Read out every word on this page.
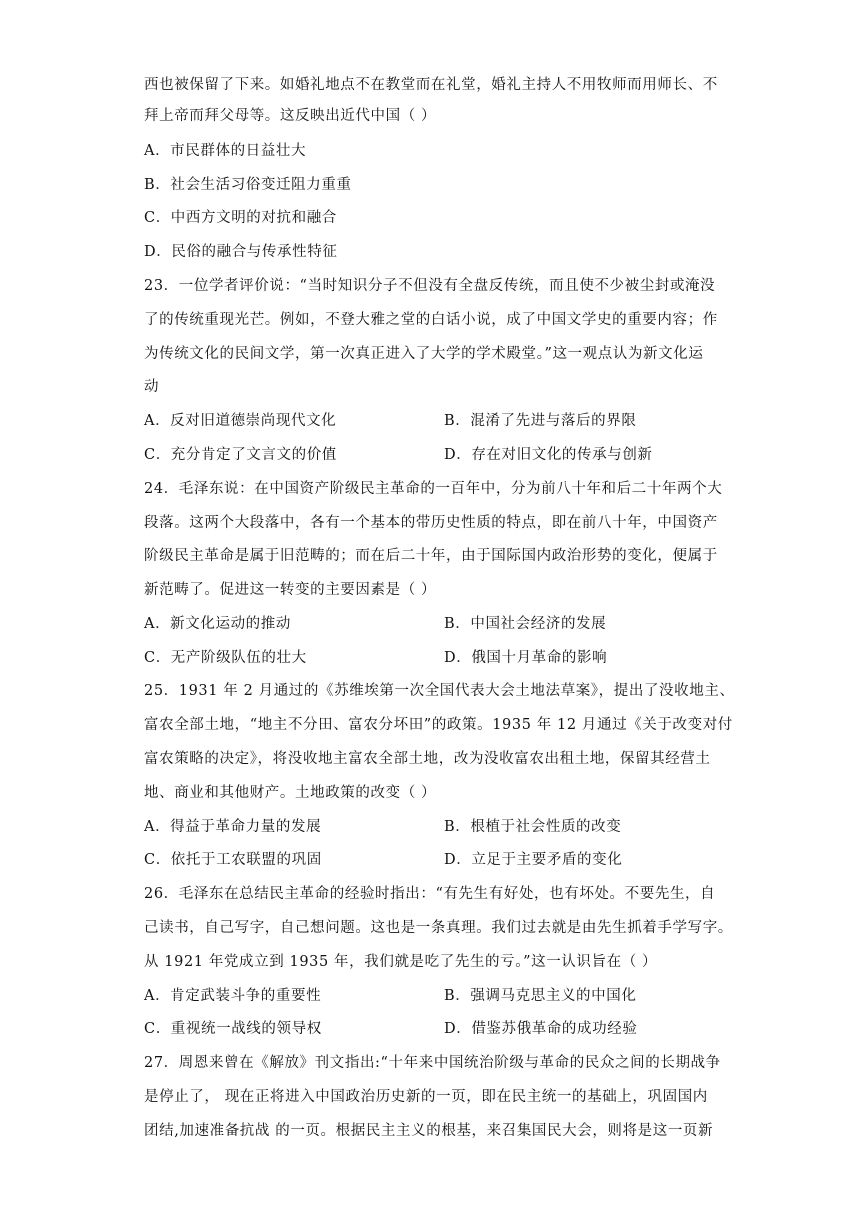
西也被保留了下来。如婚礼地点不在教堂而在礼堂，婚礼主持人不用牧师而用师长、不
拜上帝而拜父母等。这反映出近代中国（ ）
A．市民群体的日益壮大
B．社会生活习俗变迁阻力重重
C．中西方文明的对抗和融合
D．民俗的融合与传承性特征
23．一位学者评价说：“当时知识分子不但没有全盘反传统，而且使不少被尘封或淹没
了的传统重现光芒。例如，不登大雅之堂的白话小说，成了中国文学史的重要内容；作
为传统文化的民间文学，第一次真正进入了大学的学术殿堂。”这一观点认为新文化运
动
A．反对旧道德崇尚现代文化	B．混淆了先进与落后的界限
C．充分肯定了文言文的价值	D．存在对旧文化的传承与创新
24．毛泽东说：在中国资产阶级民主革命的一百年中，分为前八十年和后二十年两个大
段落。这两个大段落中，各有一个基本的带历史性质的特点，即在前八十年，中国资产
阶级民主革命是属于旧范畴的；而在后二十年，由于国际国内政治形势的变化，便属于
新范畴了。促进这一转变的主要因素是（ ）
A．新文化运动的推动	B．中国社会经济的发展
C．无产阶级队伍的壮大	D．俄国十月革命的影响
25．1931 年 2 月通过的《苏维埃第一次全国代表大会土地法草案》，提出了没收地主、
富农全部土地，“地主不分田、富农分坏田”的政策。1935 年 12 月通过《关于改变对付
富农策略的决定》，将没收地主富农全部土地，改为没收富农出租土地，保留其经营土
地、商业和其他财产。土地政策的改变（ ）
A．得益于革命力量的发展	B．根植于社会性质的改变
C．依托于工农联盟的巩固	D．立足于主要矛盾的变化
26．毛泽东在总结民主革命的经验时指出：“有先生有好处，也有坏处。不要先生，自
己读书，自己写字，自己想问题。这也是一条真理。我们过去就是由先生抓着手学写字。
从 1921 年党成立到 1935 年，我们就是吃了先生的亏。”这一认识旨在（ ）
A．肯定武装斗争的重要性	B．强调马克思主义的中国化
C．重视统一战线的领导权	D．借鉴苏俄革命的成功经验
27．周恩来曾在《解放》刊文指出:“十年来中国统治阶级与革命的民众之间的长期战争
是停止了， 现在正将进入中国政治历史新的一页，即在民主统一的基础上，巩固国内
团结,加速准备抗战 的一页。根据民主主义的根基，来召集国民大会，则将是这一页新
